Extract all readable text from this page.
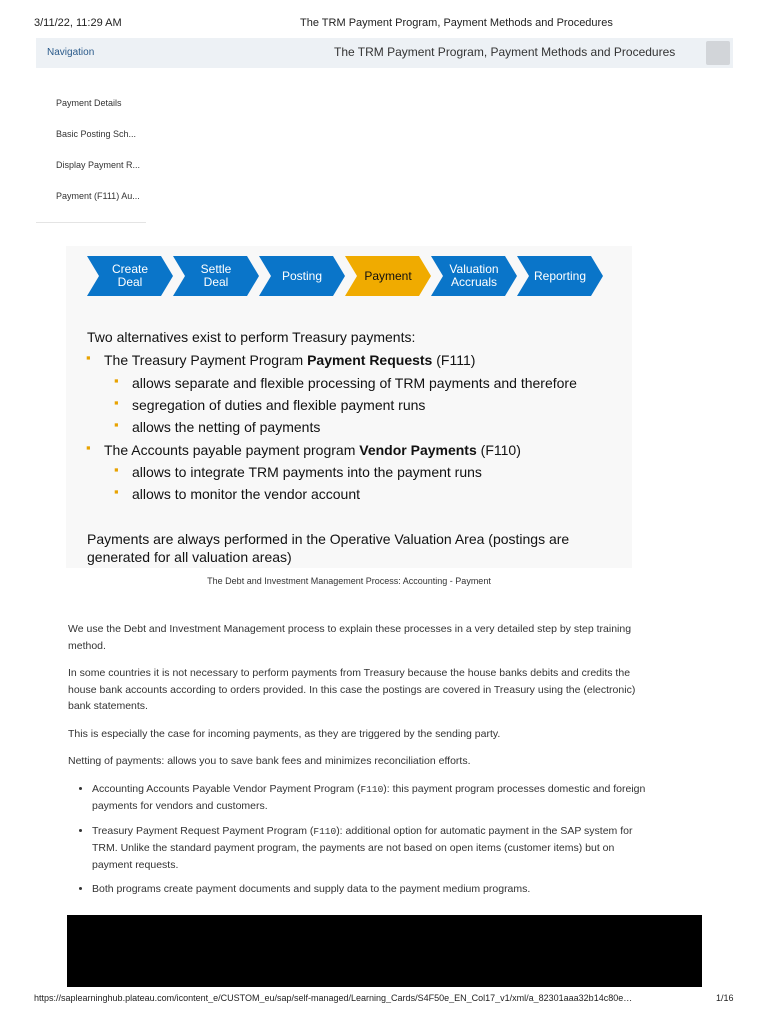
3/11/22, 11:29 AM	The TRM Payment Program, Payment Methods and Procedures
Navigation	The TRM Payment Program, Payment Methods and Procedures
Payment Details
Basic Posting Sch...
Display Payment R...
Payment (F111) Au...
Create
Deal
Settle
Deal	Posting	Payment	Valuation
Accruals	Reporting
Two alternatives exist to perform Treasury payments:
▪ The Treasury Payment Program Payment Requests (F111)
▪ allows separate and flexible processing of TRM payments and therefore
▪ segregation of duties and flexible payment runs
▪ allows the netting of payments
▪ The Accounts payable payment program Vendor Payments (F110)
▪ allows to integrate TRM payments into the payment runs
▪ allows to monitor the vendor account
Payments are always performed in the Operative Valuation Area (postings are generated for all valuation areas)
The Debt and Investment Management Process: Accounting - Payment

We use the Debt and Investment Management process to explain these processes in a very detailed step by step training method.

In some countries it is not necessary to perform payments from Treasury because the house banks debits and credits the house bank accounts according to orders provided. In this case the postings are covered in Treasury using the (electronic) bank statements.

This is especially the case for incoming payments, as they are triggered by the sending party.

Netting of payments: allows you to save bank fees and minimizes reconciliation efforts.

• Accounting Accounts Payable Vendor Payment Program (F110): this payment program processes domestic and foreign payments for vendors and customers.
• Treasury Payment Request Payment Program (F110): additional option for automatic payment in the SAP system for TRM. Unlike the standard payment program, the payments are not based on open items (customer items) but on payment requests.
• Both programs create payment documents and supply data to the payment medium programs.
https://saplearninghub.plateau.com/icontent_e/CUSTOM_eu/sap/self-managed/Learning_Cards/S4F50e_EN_Col17_v1/xml/a_82301aaa32b14c80e…	1/16
